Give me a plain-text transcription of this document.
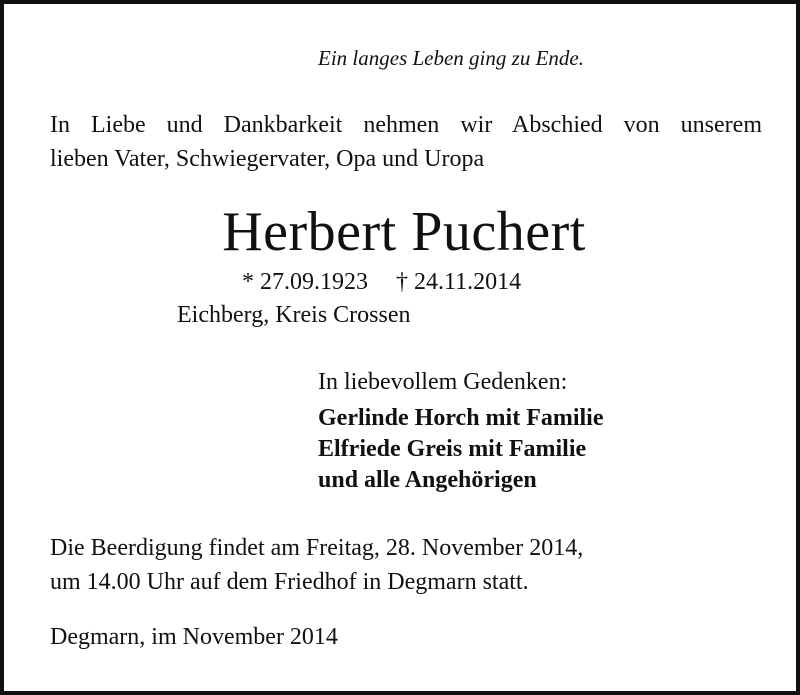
Ein langes Leben ging zu Ende.
In Liebe und Dankbarkeit nehmen wir Abschied von unserem
lieben Vater, Schwiegervater, Opa und Uropa
Herbert Puchert
* 27.09.1923 † 24.11.2014
Eichberg, Kreis Crossen
In liebevollem Gedenken:
Gerlinde Horch mit Familie
Elfriede Greis mit Familie
und alle Angehörigen
Die Beerdigung findet am Freitag, 28. November 2014,
um 14.00 Uhr auf dem Friedhof in Degmarn statt.
Degmarn, im November 2014
